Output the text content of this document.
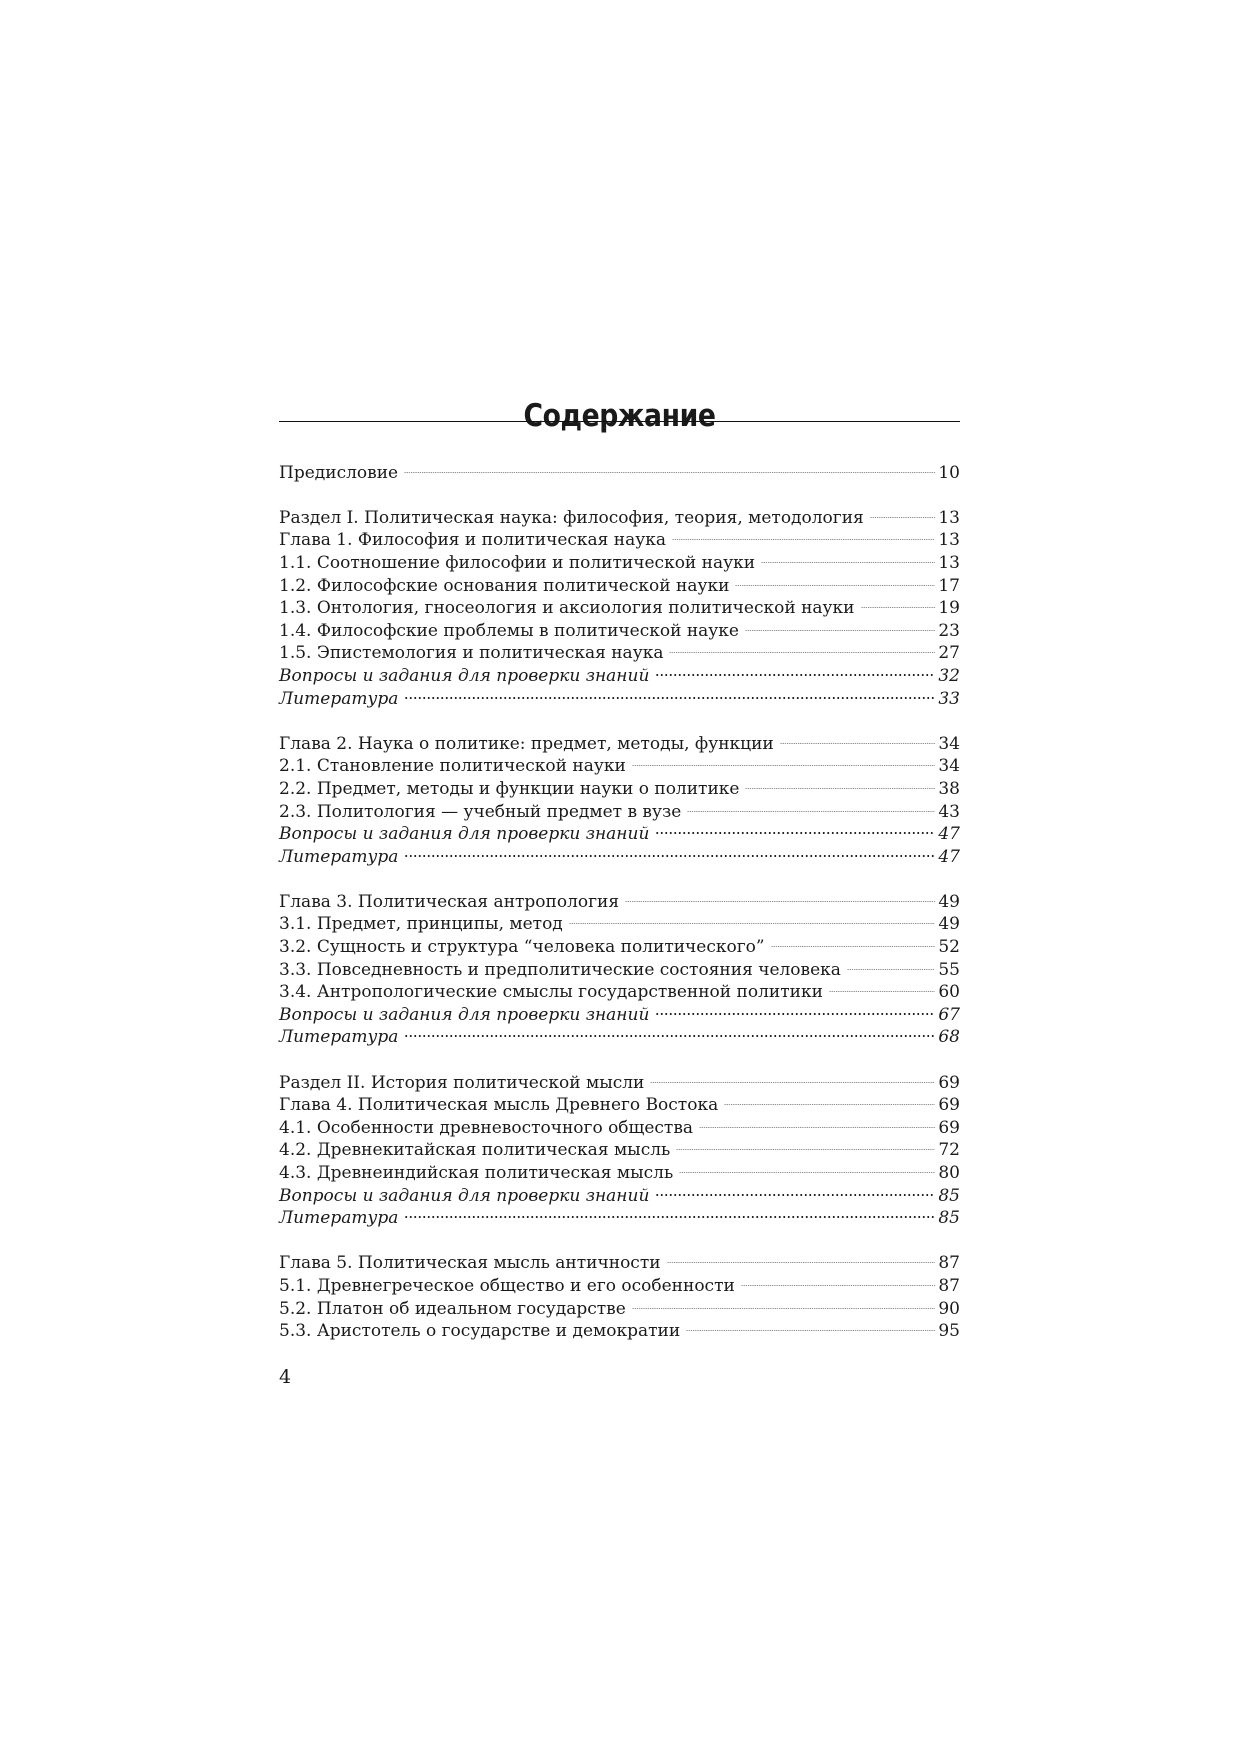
Содержание
Предисловие	10
Раздел I. Политическая наука: философия, теория, методология	13
Глава 1. Философия и политическая наука	13
1.1. Соотношение философии и политической науки	13
1.2. Философские основания политической науки	17
1.3. Онтология, гносеология и аксиология политической науки	19
1.4. Философские проблемы в политической науке	23
1.5. Эпистемология и политическая наука	27
Вопросы и задания для проверки знаний	32
Литература	33
Глава 2. Наука о политике: предмет, методы, функции	34
2.1. Становление политической науки	34
2.2. Предмет, методы и функции науки о политике	38
2.3. Политология — учебный предмет в вузе	43
Вопросы и задания для проверки знаний	47
Литература	47
Глава 3. Политическая антропология	49
3.1. Предмет, принципы, метод	49
3.2. Сущность и структура “человека политического”	52
3.3. Повседневность и предполитические состояния человека	55
3.4. Антропологические смыслы государственной политики	60
Вопросы и задания для проверки знаний	67
Литература	68
Раздел II. История политической мысли	69
Глава 4. Политическая мысль Древнего Востока	69
4.1. Особенности древневосточного общества	69
4.2. Древнекитайская политическая мысль	72
4.3. Древнеиндийская политическая мысль	80
Вопросы и задания для проверки знаний	85
Литература	85
Глава 5. Политическая мысль античности	87
5.1. Древнегреческое общество и его особенности	87
5.2. Платон об идеальном государстве	90
5.3. Аристотель о государстве и демократии	95
4
